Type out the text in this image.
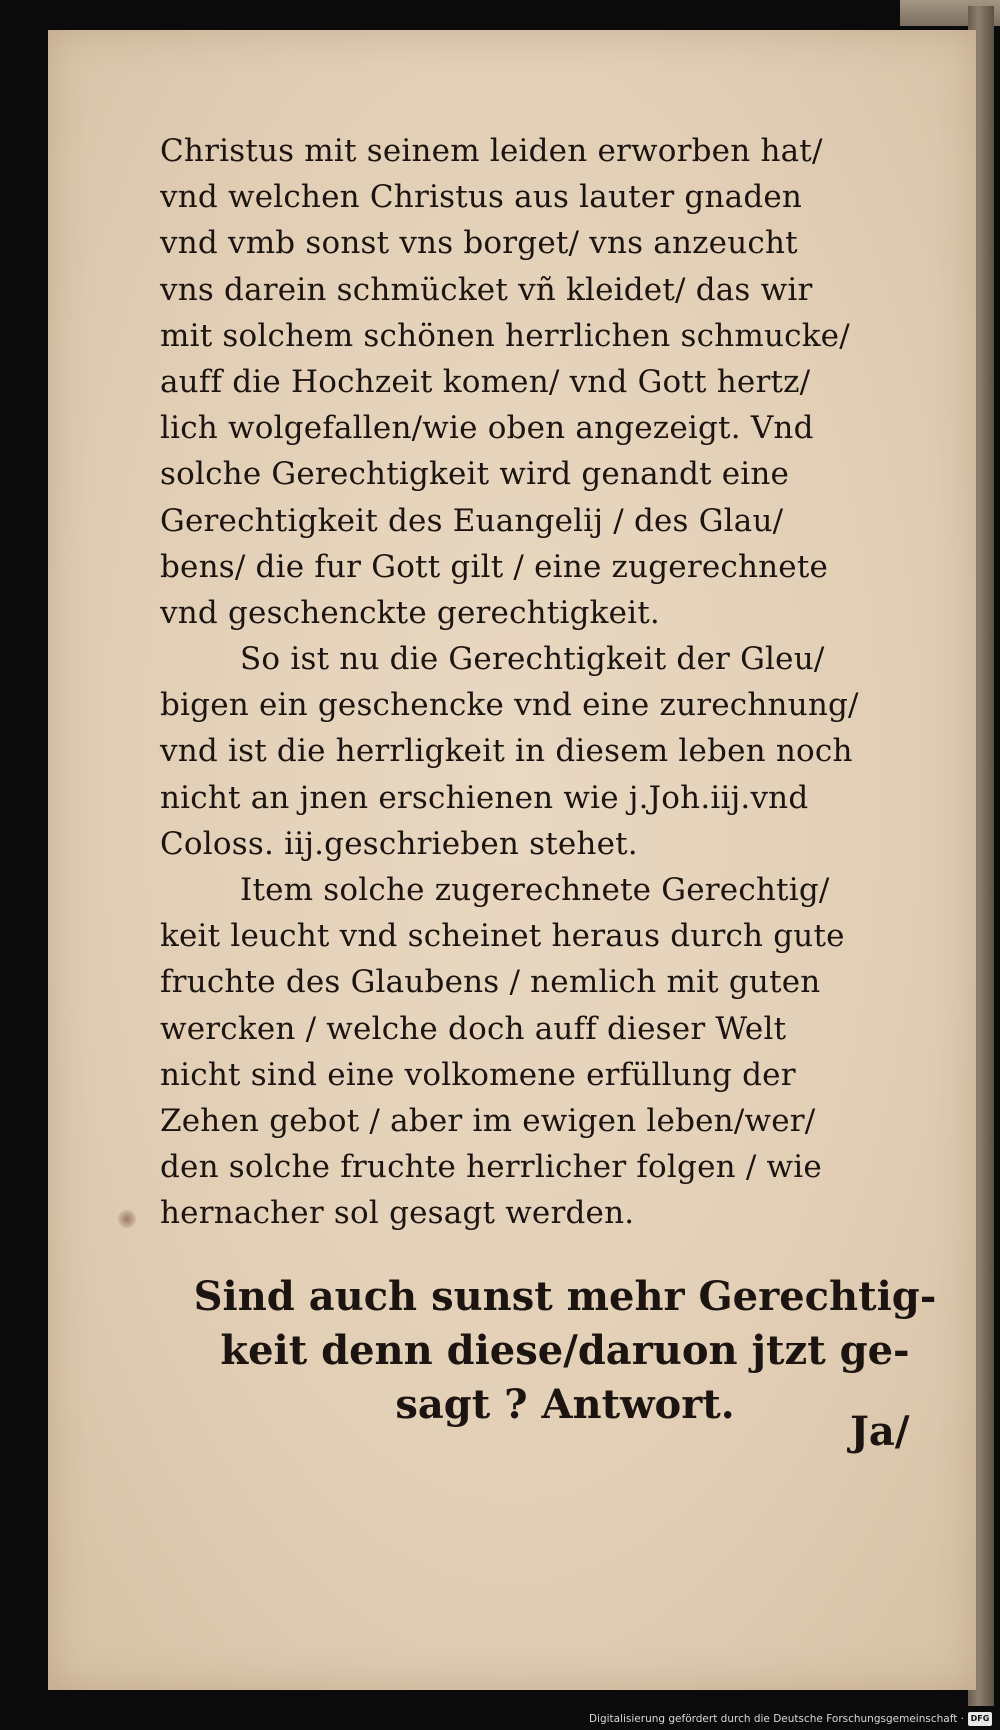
Christus mit seinem leiden erworben hat/
vnd welchen Christus aus lauter gnaden
vnd vmb sonst vns borget/ vns anzeucht
vns darein schmücket vñ kleidet/ das wir
mit solchem schönen herrlichen schmucke/
auff die Hochzeit komen/ vnd Gott hertz/
lich wolgefallen/wie oben angezeigt. Vnd
solche Gerechtigkeit wird genandt eine
Gerechtigkeit des Euangelij / des Glau/
bens/ die fur Gott gilt / eine zugerechnete
vnd geschenckte gerechtigkeit.
So ist nu die Gerechtigkeit der Gleu/
bigen ein geschencke vnd eine zurechnung/
vnd ist die herrligkeit in diesem leben noch
nicht an jnen erschienen wie j.Joh.iij.vnd
Coloss. iij.geschrieben stehet.
Item solche zugerechnete Gerechtig/
keit leucht vnd scheinet heraus durch gute
fruchte des Glaubens / nemlich mit guten
wercken / welche doch auff dieser Welt
nicht sind eine volkomene erfüllung der
Zehen gebot / aber im ewigen leben/wer/
den solche fruchte herrlicher folgen / wie
hernacher sol gesagt werden.
Sind auch sunst mehr Gerechtig-
keit denn diese/daruon jtzt ge-
sagt ? Antwort.
Ja/
Digitalisierung gefördert durch die Deutsche Forschungsgemeinschaft · DFG
